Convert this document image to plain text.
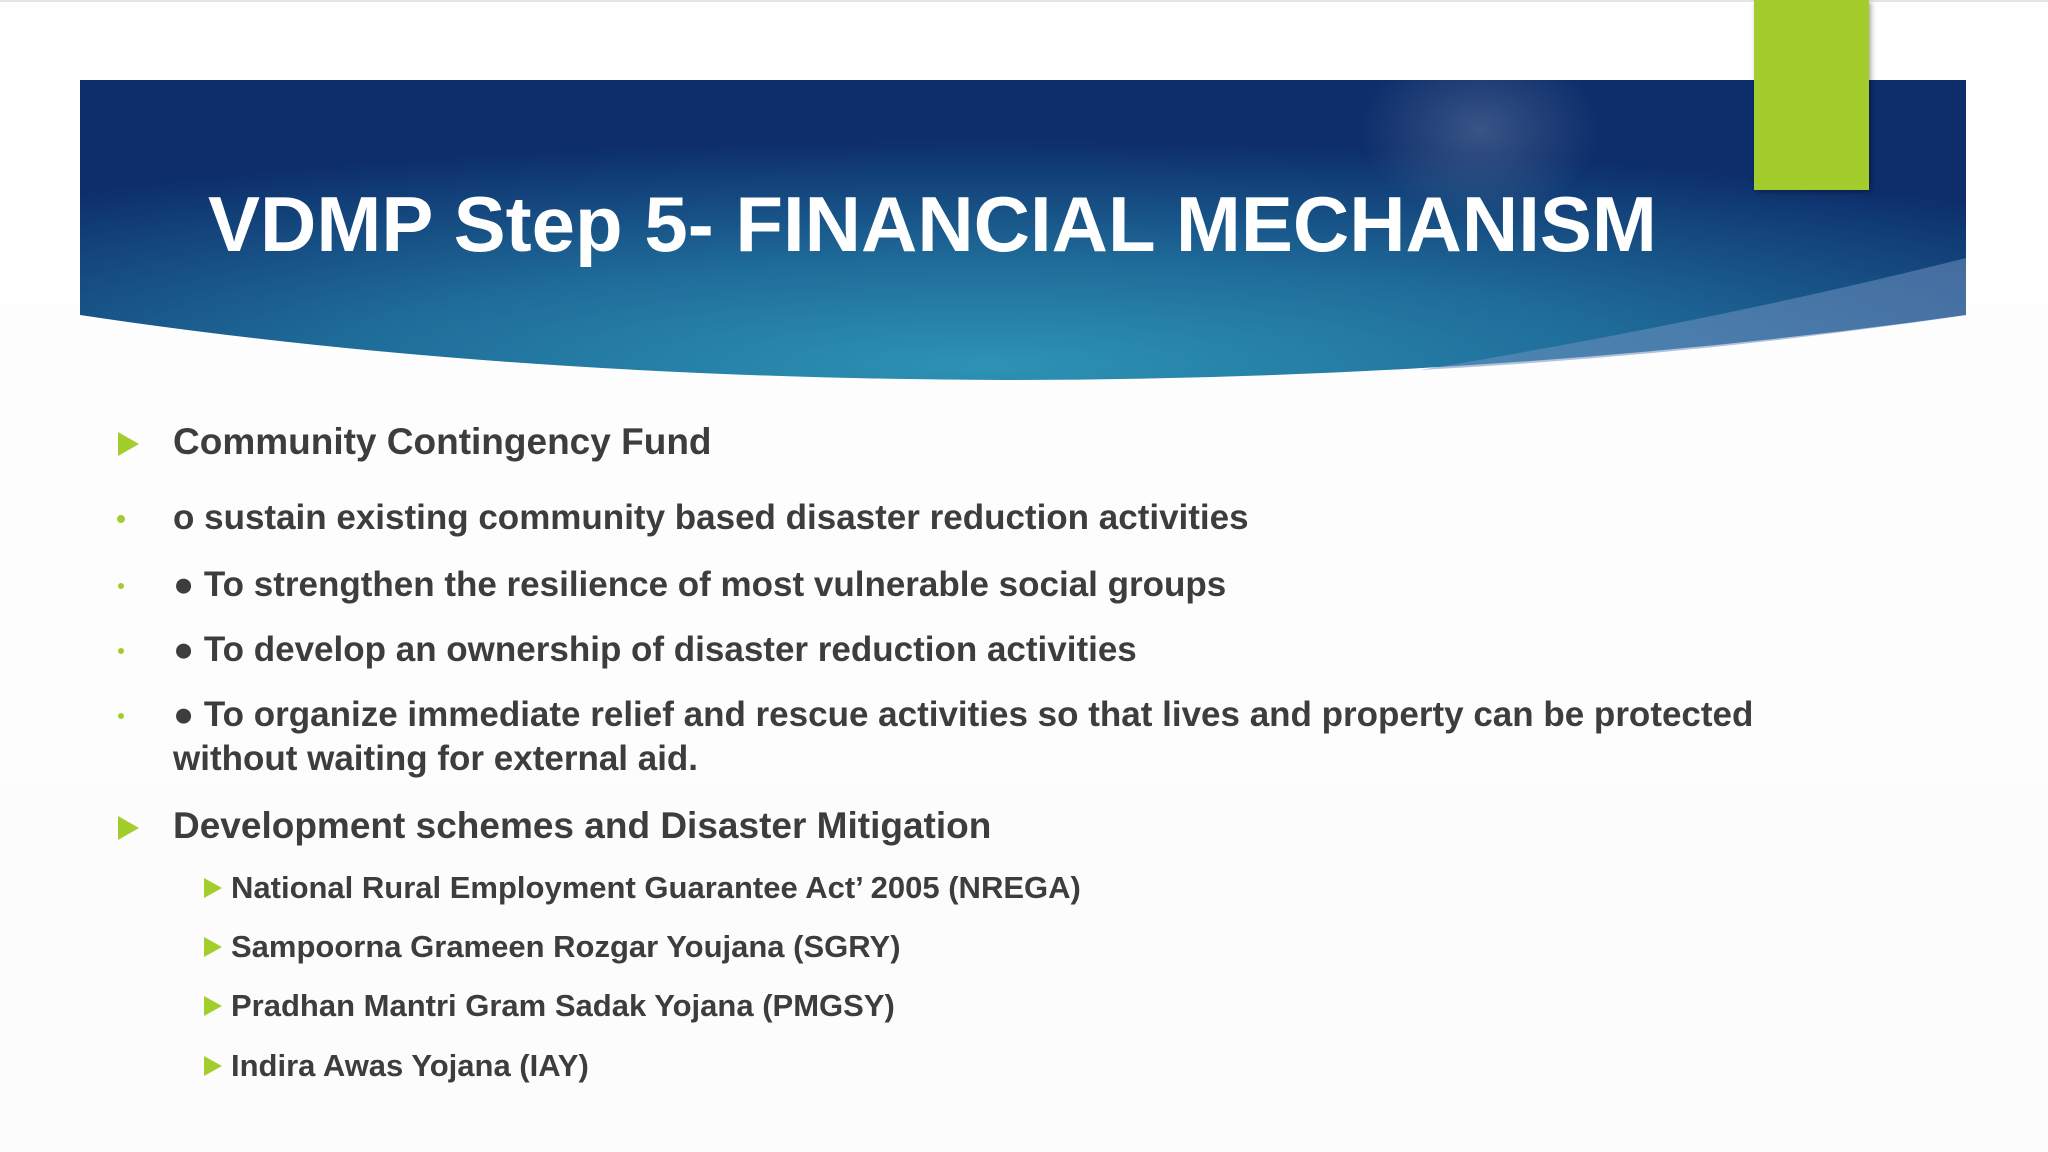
VDMP Step 5- FINANCIAL MECHANISM
Community Contingency Fund
o sustain existing community based disaster reduction activities
● To strengthen the resilience of most vulnerable social groups
● To develop an ownership of disaster reduction activities
● To organize immediate relief and rescue activities so that lives and property can be protected without waiting for external aid.
Development schemes and Disaster Mitigation
National Rural Employment Guarantee Act’ 2005 (NREGA)
Sampoorna Grameen Rozgar Youjana (SGRY)
Pradhan Mantri Gram Sadak Yojana (PMGSY)
Indira Awas Yojana (IAY)
